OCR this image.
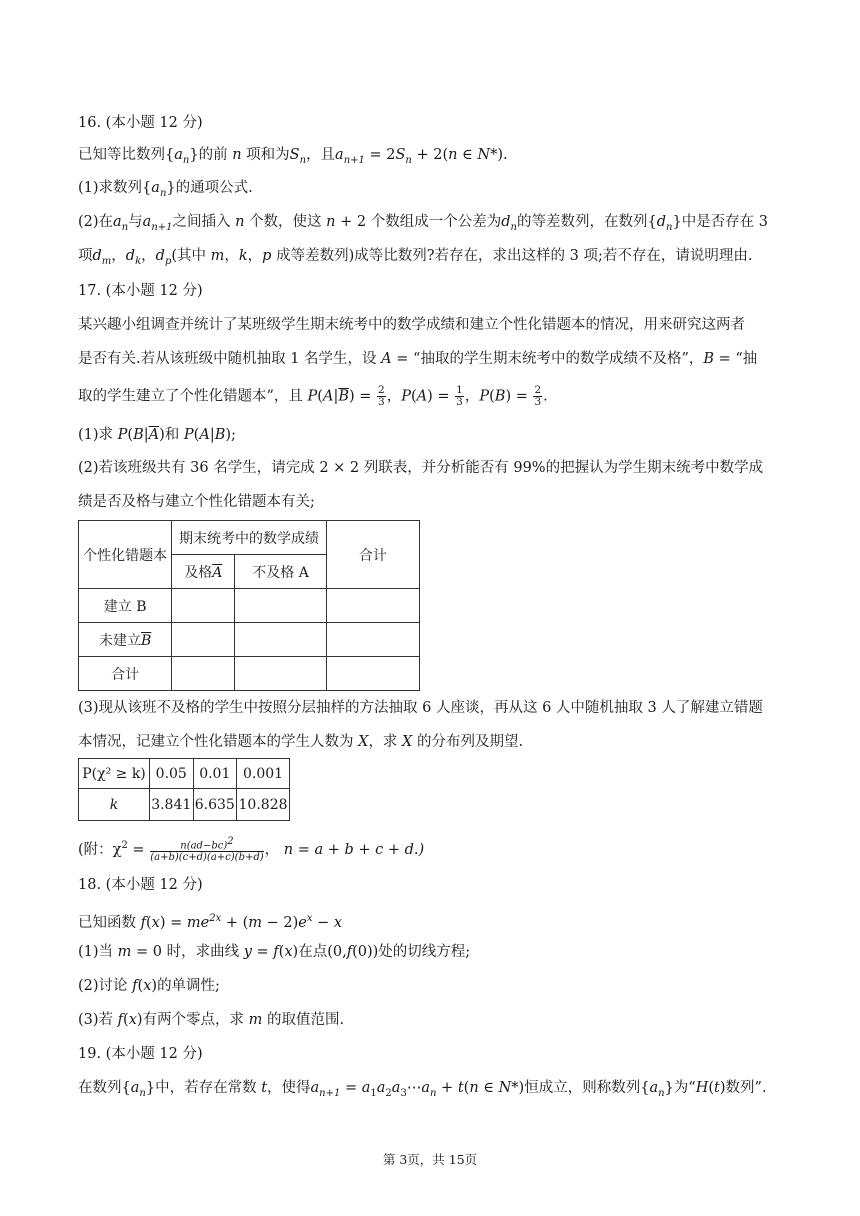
16. (本小题 12 分)
已知等比数列$\{a_n\}$的前 n 项和为$S_n$，且$a_{n+1} = 2S_n + 2(n$ ∈ N*).
(1)求数列$\{a_n\}$的通项公式.
(2)在$a_n$与$a_{n+1}$之间插入 n 个数，使这 n + 2 个数组成一个公差为$d_n$的等差数列，在数列$\{d_n\}$中是否存在 3
项$d_m$，$d_k$，$d_p$(其中 m，k，p 成等差数列)成等比数列?若存在，求出这样的 3 项;若不存在，请说明理由.
17. (本小题 12 分)
某兴趣小组调查并统计了某班级学生期末统考中的数学成绩和建立个性化错题本的情况，用来研究这两者
是否有关.若从该班级中随机抽取 1 名学生，设 A = “抽取的学生期末统考中的数学成绩不及格”，B = “抽
取的学生建立了个性化错题本”，且 $P(A|\overline{B}) = \frac{2}{3}$ ，$P(A) = \frac{1}{3}$ ，$P(B) = \frac{2}{3}$ .
(1)求 $P(B|\overline{A})$和 P(A|B);
(2)若该班级共有 36 名学生，请完成 2 × 2 列联表，并分析能否有 99%的把握认为学生期末统考中数学成
绩是否及格与建立个性化错题本有关;
个性化错题本	期末统考中的数学成绩		合计
	及格$\overline{A}$	不及格 A	
建立 B			
未建立$\overline{B}$			
合计			
(3)现从该班不及格的学生中按照分层抽样的方法抽取 6 人座谈，再从这 6 人中随机抽取 3 人了解建立错题
本情况，记建立个性化错题本的学生人数为 X，求 X 的分布列及期望.
P(χ² ≥ k)	0.05	0.01	0.001
k	3.841	6.635	10.828
(附：$\chi^2 = \frac{n(ad-bc)^2}{(a+b)(c+d)(a+c)(b+d)}$ ， n = a + b + c + d.)
18. (本小题 12 分)
已知函数 $f(x) = me^{2x} + (m - 2)e^x - x$
(1)当 m = 0 时，求曲线 y = f(x)在点(0,f(0))处的切线方程;
(2)讨论 f(x)的单调性;
(3)若 f(x)有两个零点，求 m 的取值范围.
19. (本小题 12 分)
在数列$\{a_n\}$中，若存在常数 t，使得$a_{n+1}$ = $a_1a_2a_3\cdots a_n + t(n$ ∈ N*)恒成立，则称数列$\{a_n\}$为“H(t)数列”.
第 3页，共 15页
